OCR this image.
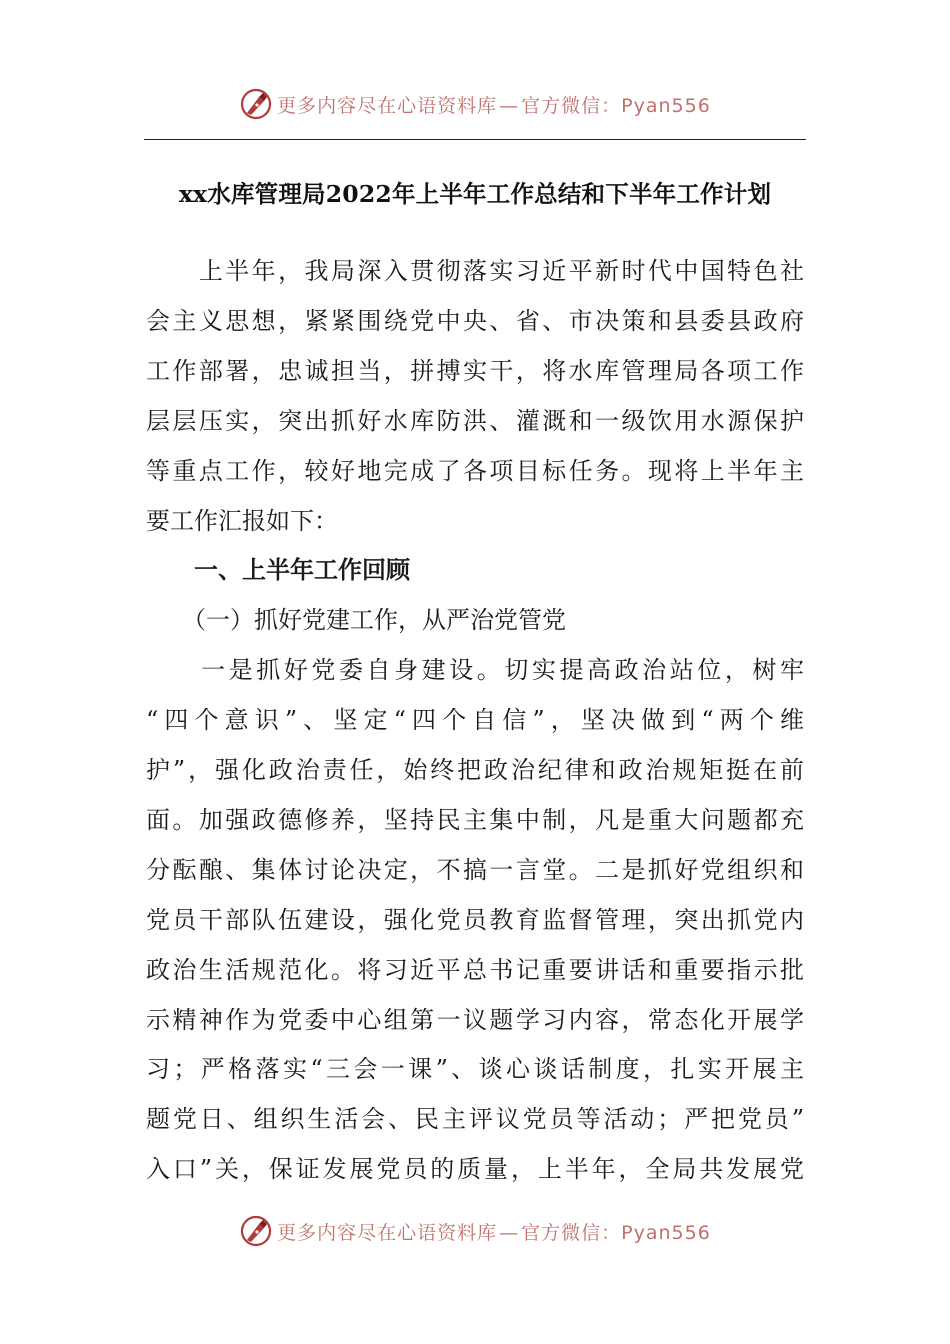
更多内容尽在心语资料库 — 官方微信：Pyan556
xx水库管理局2022年上半年工作总结和下半年工作计划
　　上半年，我局深入贯彻落实习近平新时代中国特色社
会主义思想，紧紧围绕党中央、省、市决策和县委县政府
工作部署，忠诚担当，拼搏实干，将水库管理局各项工作
层层压实，突出抓好水库防洪、灌溉和一级饮用水源保护
等重点工作，较好地完成了各项目标任务。现将上半年主
要工作汇报如下：
　　一、上半年工作回顾
　　（一）抓好党建工作，从严治党管党
　　一是抓好党委自身建设。切实提高政治站位，树牢
“四个意识”、坚定“四个自信”，坚决做到“两个维
护”，强化政治责任，始终把政治纪律和政治规矩挺在前
面。加强政德修养，坚持民主集中制，凡是重大问题都充
分酝酿、集体讨论决定，不搞一言堂。二是抓好党组织和
党员干部队伍建设，强化党员教育监督管理，突出抓党内
政治生活规范化。将习近平总书记重要讲话和重要指示批
示精神作为党委中心组第一议题学习内容，常态化开展学
习；严格落实“三会一课”、谈心谈话制度，扎实开展主
题党日、组织生活会、民主评议党员等活动；严把党员”
入口”关，保证发展党员的质量，上半年，全局共发展党
更多内容尽在心语资料库 — 官方微信：Pyan556
